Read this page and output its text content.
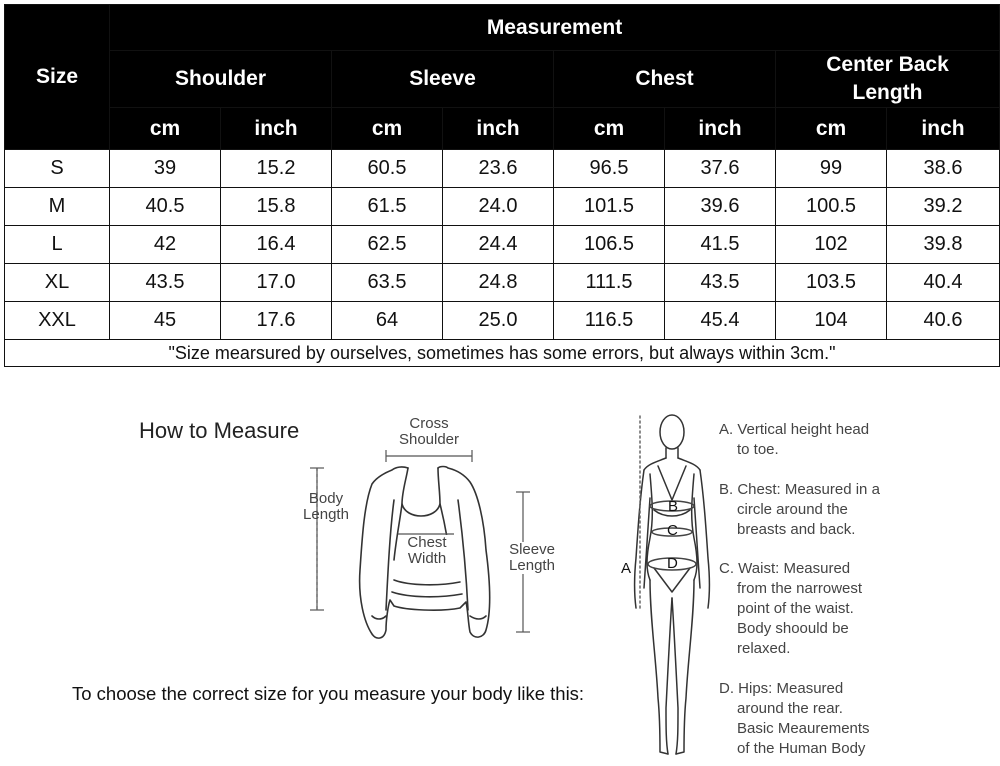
Size	Measurement							
	Shoulder		Sleeve		Chest		Center Back
Length	
	cm	inch	cm	inch	cm	inch	cm	inch
S	39	15.2	60.5	23.6	96.5	37.6	99	38.6
M	40.5	15.8	61.5	24.0	101.5	39.6	100.5	39.2
L	42	16.4	62.5	24.4	106.5	41.5	102	39.8
XL	43.5	17.0	63.5	24.8	111.5	43.5	103.5	40.4
XXL	45	17.6	64	25.0	116.5	45.4	104	40.6
"Size mearsured by ourselves, sometimes has some errors, but always within 3cm."								
How to Measure	Cross
Shoulder
Body
Length
Chest
Width
Sleeve
Length
To choose the correct size for you measure your body like this:
A
B
C
D
A. Vertical height head
to toe.
B. Chest: Measured in a
circle around the
breasts and back.
C. Waist: Measured
from the narrowest
point of the waist.
Body shoould be
relaxed.
D. Hips: Measured
around the rear.
Basic Meaurements
of the Human Body
